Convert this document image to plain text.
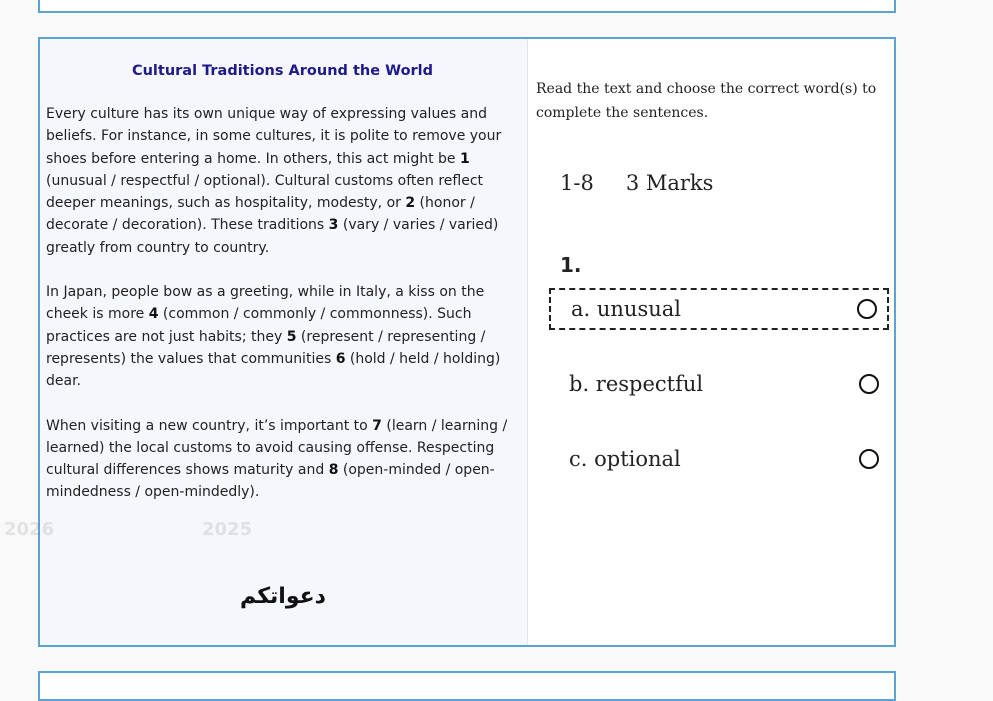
2026	2025
Cultural Traditions Around the World

Every culture has its own unique way of expressing values and beliefs. For instance, in some cultures, it is polite to remove your shoes before entering a home. In others, this act might be 1 (unusual / respectful / optional). Cultural customs often reflect deeper meanings, such as hospitality, modesty, or 2 (honor / decorate / decoration). These traditions 3 (vary / varies / varied) greatly from country to country.

In Japan, people bow as a greeting, while in Italy, a kiss on the cheek is more 4 (common / commonly / commonness). Such practices are not just habits; they 5 (represent / representing / represents) the values that communities 6 (hold / held / holding) dear.

When visiting a new country, it’s important to 7 (learn / learning / learned) the local customs to avoid causing offense. Respecting cultural differences shows maturity and 8 (open-minded / open-mindedness / open-mindedly).

دعواتكم

Read the text and choose the correct word(s) to complete the sentences.

1-8 3 Marks
1.
a. unusual
b. respectful
c. optional
